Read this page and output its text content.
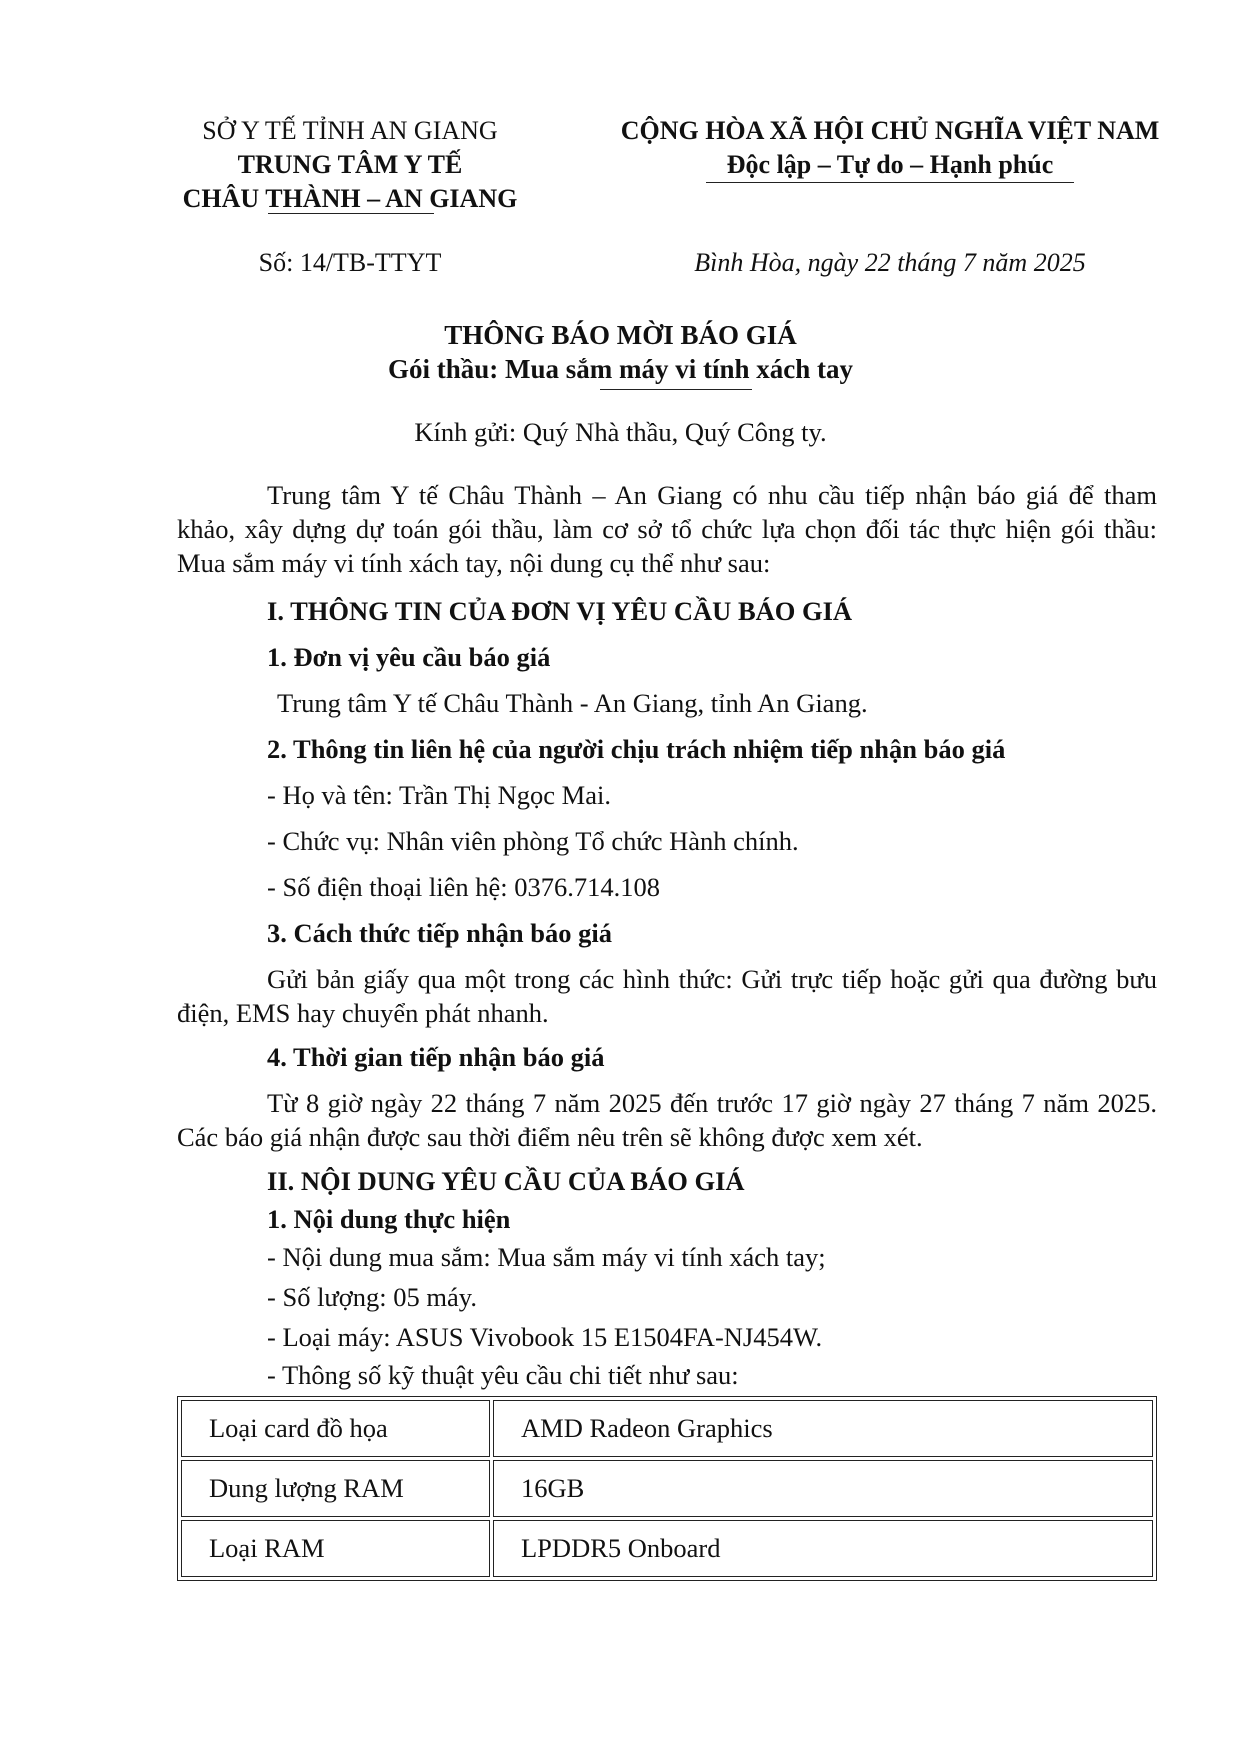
SỞ Y TẾ TỈNH AN GIANG
TRUNG TÂM Y TẾ
CHÂU THÀNH – AN GIANG
CỘNG HÒA XÃ HỘI CHỦ NGHĨA VIỆT NAM
Độc lập – Tự do – Hạnh phúc
Số: 14/TB-TTYT	Bình Hòa, ngày 22 tháng 7 năm 2025
THÔNG BÁO MỜI BÁO GIÁ
Gói thầu: Mua sắm máy vi tính xách tay
Kính gửi: Quý Nhà thầu, Quý Công ty.
Trung tâm Y tế Châu Thành – An Giang có nhu cầu tiếp nhận báo giá để tham khảo, xây dựng dự toán gói thầu, làm cơ sở tổ chức lựa chọn đối tác thực hiện gói thầu: Mua sắm máy vi tính xách tay, nội dung cụ thể như sau:
I. THÔNG TIN CỦA ĐƠN VỊ YÊU CẦU BÁO GIÁ
1. Đơn vị yêu cầu báo giá
Trung tâm Y tế Châu Thành - An Giang, tỉnh An Giang.
2. Thông tin liên hệ của người chịu trách nhiệm tiếp nhận báo giá
- Họ và tên: Trần Thị Ngọc Mai.
- Chức vụ: Nhân viên phòng Tổ chức Hành chính.
- Số điện thoại liên hệ: 0376.714.108
3. Cách thức tiếp nhận báo giá
Gửi bản giấy qua một trong các hình thức: Gửi trực tiếp hoặc gửi qua đường bưu điện, EMS hay chuyển phát nhanh.
4. Thời gian tiếp nhận báo giá
Từ 8 giờ ngày 22 tháng 7 năm 2025 đến trước 17 giờ ngày 27 tháng 7 năm 2025. Các báo giá nhận được sau thời điểm nêu trên sẽ không được xem xét.
II. NỘI DUNG YÊU CẦU CỦA BÁO GIÁ
1. Nội dung thực hiện
- Nội dung mua sắm: Mua sắm máy vi tính xách tay;
- Số lượng: 05 máy.
- Loại máy: ASUS Vivobook 15 E1504FA-NJ454W.
- Thông số kỹ thuật yêu cầu chi tiết như sau:
Loại card đồ họa	AMD Radeon Graphics
Dung lượng RAM	16GB
Loại RAM	LPDDR5 Onboard
